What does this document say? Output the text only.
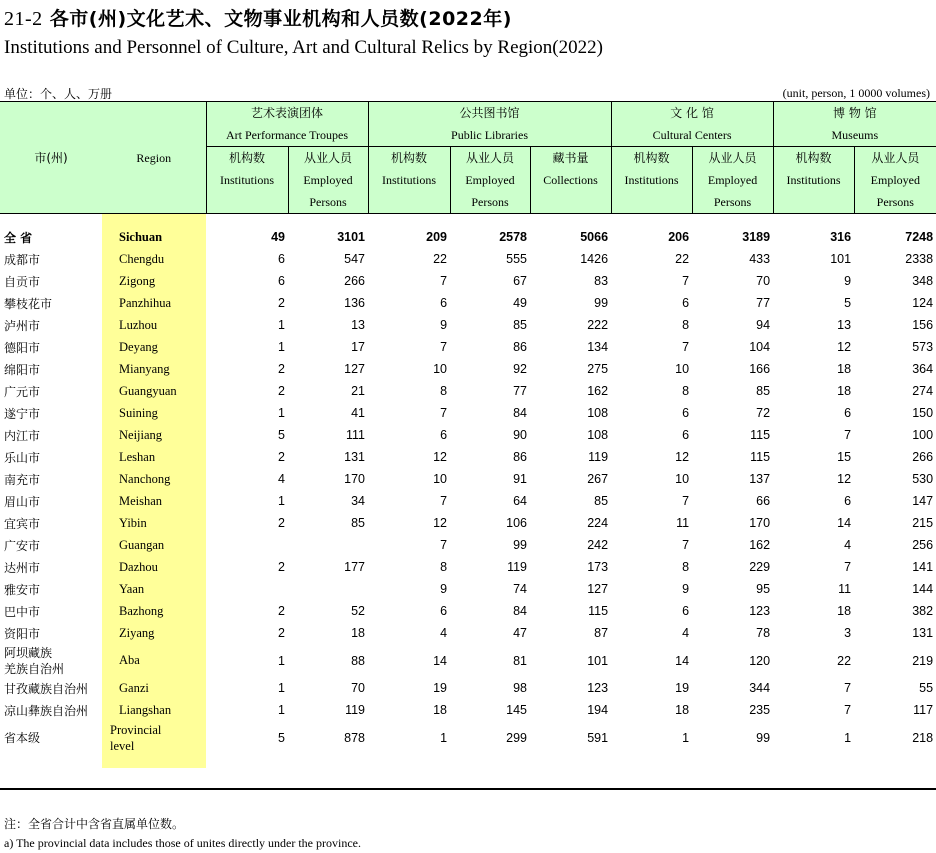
21-2 各市(州)文化艺术、文物事业机构和人员数(2022年)
Institutions and Personnel of Culture, Art and Cultural Relics by Region(2022)
单位：个、人、万册	(unit, person, 1 0000 volumes)
市(州)	Region	艺术表演团体		公共图书馆			文 化 馆		博 物 馆	
		Art Performance Troupes		Public Libraries			Cultural Centers		Museums	
		机构数	从业人员	机构数	从业人员	藏书量	机构数	从业人员	机构数	从业人员
		Institutions	Employed	Institutions	Employed	Collections	Institutions	Employed	Institutions	Employed
			Persons		Persons			Persons		Persons

全 省	Sichuan	49	3101	209	2578	5066	206	3189	316	7248
成都市	Chengdu	6	547	22	555	1426	22	433	101	2338
自贡市	Zigong	6	266	7	67	83	7	70	9	348
攀枝花市	Panzhihua	2	136	6	49	99	6	77	5	124
泸州市	Luzhou	1	13	9	85	222	8	94	13	156
德阳市	Deyang	1	17	7	86	134	7	104	12	573
绵阳市	Mianyang	2	127	10	92	275	10	166	18	364
广元市	Guangyuan	2	21	8	77	162	8	85	18	274
遂宁市	Suining	1	41	7	84	108	6	72	6	150
内江市	Neijiang	5	111	6	90	108	6	115	7	100
乐山市	Leshan	2	131	12	86	119	12	115	15	266
南充市	Nanchong	4	170	10	91	267	10	137	12	530
眉山市	Meishan	1	34	7	64	85	7	66	6	147
宜宾市	Yibin	2	85	12	106	224	11	170	14	215
广安市	Guangan			7	99	242	7	162	4	256
达州市	Dazhou	2	177	8	119	173	8	229	7	141
雅安市	Yaan			9	74	127	9	95	11	144
巴中市	Bazhong	2	52	6	84	115	6	123	18	382
资阳市	Ziyang	2	18	4	47	87	4	78	3	131
阿坝藏族
羌族自治州	Aba	1	88	14	81	101	14	120	22	219
甘孜藏族自治州	Ganzi	1	70	19	98	123	19	344	7	55
凉山彝族自治州	Liangshan	1	119	18	145	194	18	235	7	117
省本级	Provincial
level	5	878	1	299	591	1	99	1	218

注：全省合计中含省直属单位数。
a) The provincial data includes those of unites directly under the province.
